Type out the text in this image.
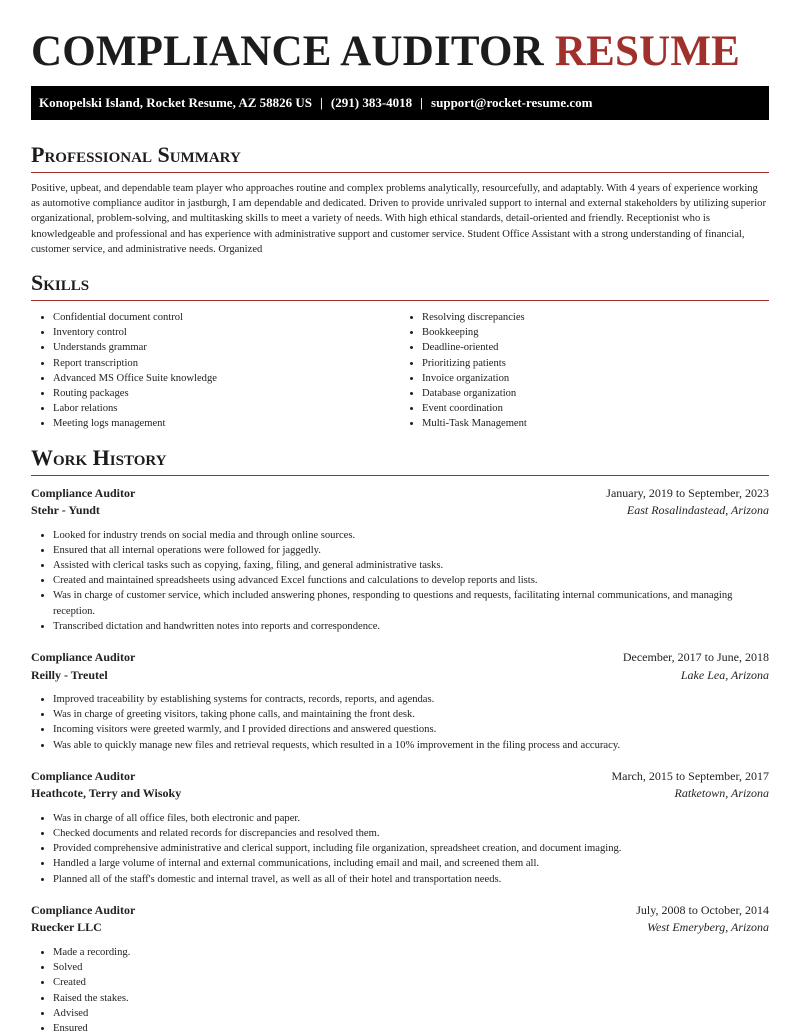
COMPLIANCE AUDITOR RESUME
Konopelski Island, Rocket Resume, AZ 58826 US | (291) 383-4018 | support@rocket-resume.com
Professional Summary

Positive, upbeat, and dependable team player who approaches routine and complex problems analytically, resourcefully, and adaptably. With 4 years of experience working as automotive compliance auditor in jastburgh, I am dependable and dedicated. Driven to provide unrivaled support to internal and external stakeholders by utilizing superior organizational, problem-solving, and multitasking skills to meet a variety of needs. With high ethical standards, detail-oriented and friendly. Receptionist who is knowledgeable and professional and has experience with administrative support and customer service. Student Office Assistant with a strong understanding of financial, customer service, and administrative needs. Organized

Skills
• Confidential document control
• Inventory control
• Understands grammar
• Report transcription
• Advanced MS Office Suite knowledge
• Routing packages
• Labor relations
• Meeting logs management
• Resolving discrepancies
• Bookkeeping
• Deadline-oriented
• Prioritizing patients
• Invoice organization
• Database organization
• Event coordination
• Multi-Task Management
Work History
Compliance Auditor	January, 2019 to September, 2023
Stehr - Yundt	East Rosalindastead, Arizona
• Looked for industry trends on social media and through online sources.
• Ensured that all internal operations were followed for jaggedly.
• Assisted with clerical tasks such as copying, faxing, filing, and general administrative tasks.
• Created and maintained spreadsheets using advanced Excel functions and calculations to develop reports and lists.
• Was in charge of customer service, which included answering phones, responding to questions and requests, facilitating internal communications, and managing reception.
• Transcribed dictation and handwritten notes into reports and correspondence.
Compliance Auditor	December, 2017 to June, 2018
Reilly - Treutel	Lake Lea, Arizona
• Improved traceability by establishing systems for contracts, records, reports, and agendas.
• Was in charge of greeting visitors, taking phone calls, and maintaining the front desk.
• Incoming visitors were greeted warmly, and I provided directions and answered questions.
• Was able to quickly manage new files and retrieval requests, which resulted in a 10% improvement in the filing process and accuracy.
Compliance Auditor	March, 2015 to September, 2017
Heathcote, Terry and Wisoky	Ratketown, Arizona
• Was in charge of all office files, both electronic and paper.
• Checked documents and related records for discrepancies and resolved them.
• Provided comprehensive administrative and clerical support, including file organization, spreadsheet creation, and document imaging.
• Handled a large volume of internal and external communications, including email and mail, and screened them all.
• Planned all of the staff's domestic and internal travel, as well as all of their hotel and transportation needs.
Compliance Auditor	July, 2008 to October, 2014
Ruecker LLC	West Emeryberg, Arizona
• Made a recording.
• Solved
• Created
• Raised the stakes.
• Advised
• Ensured
